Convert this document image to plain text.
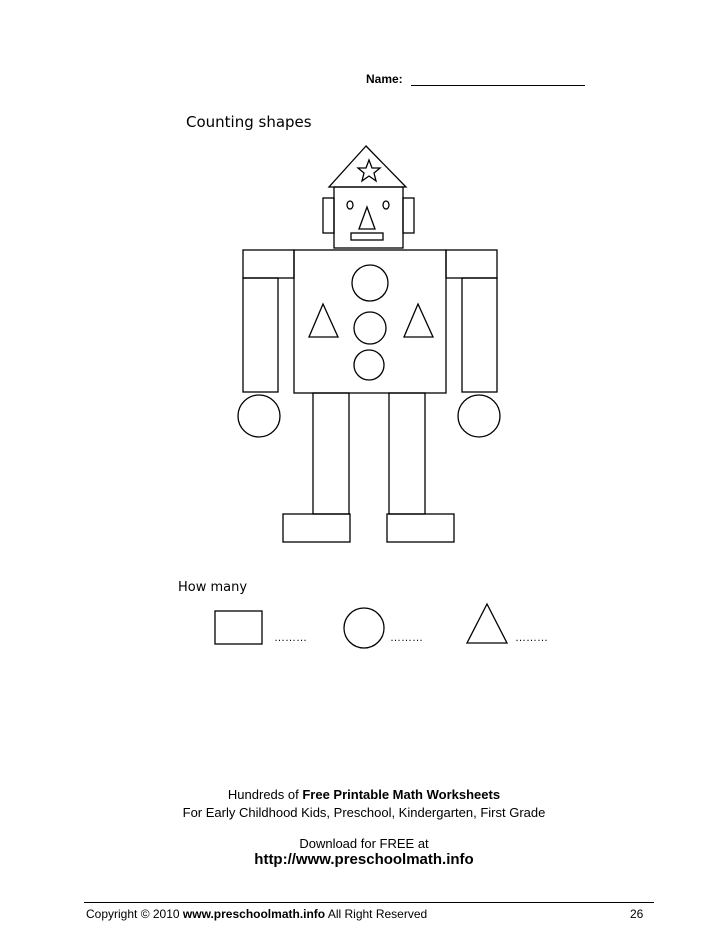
Name:
Counting shapes
How many
………	………	………
Hundreds of Free Printable Math Worksheets
For Early Childhood Kids, Preschool, Kindergarten, First Grade
Download for FREE at
http://www.preschoolmath.info
Copyright © 2010 www.preschoolmath.info All Right Reserved	26
